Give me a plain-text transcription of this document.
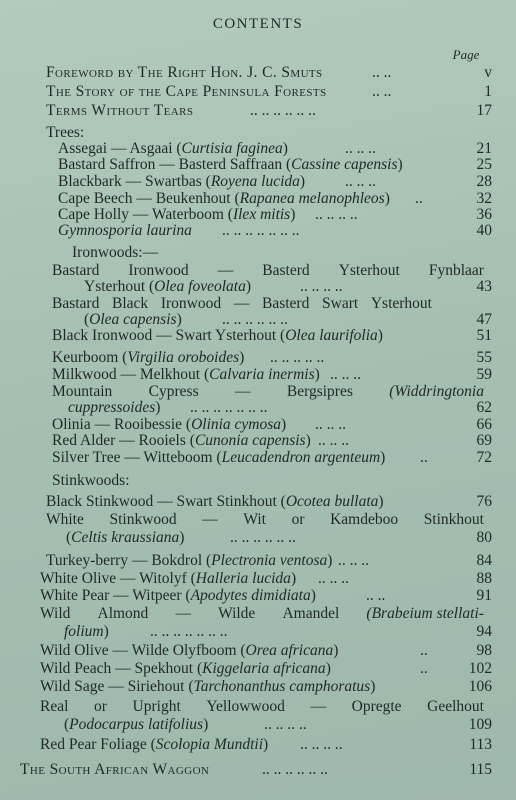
CONTENTS
Page
Foreword by The Right Hon. J. C. Smuts	.. ..	v
The Story of the Cape Peninsula Forests	.. ..	1
Terms Without Tears	.. .. .. .. .. ..	17
Trees:
Assegai — Asgaai (Curtisia faginea)	.. .. ..	21
Bastard Saffron — Basterd Saffraan (Cassine capensis)	25
Blackbark — Swartbas (Royena lucida)	.. .. ..	28
Cape Beech — Beukenhout (Rapanea melanophleos) ..	32
Cape Holly — Waterboom (Ilex mitis) .. .. .. ..	36
Gymnosporia laurina .. .. .. .. .. .. ..	40
Ironwoods:—
Bastard Ironwood — Basterd Ysterhout Fynblaar
Ysterhout (Olea foveolata)	.. .. .. ..	43
Bastard Black Ironwood — Basterd Swart Ysterhout
(Olea capensis)	.. .. .. .. .. ..	47
Black Ironwood — Swart Ysterhout (Olea laurifolia)	51
Keurboom (Virgilia oroboides) .. .. .. .. ..	55
Milkwood — Melkhout (Calvaria inermis) .. .. ..	59
Mountain Cypress — Bergsipres (Widdringtonia
cuppressoides) .. .. .. .. .. .. ..	62
Olinia — Rooibessie (Olinia cymosa) .. .. ..	66
Red Alder — Rooiels (Cunonia capensis) .. .. ..	69
Silver Tree — Witteboom (Leucadendron argenteum) ..	72
Stinkwoods:
Black Stinkwood — Swart Stinkhout (Ocotea bullata)	76
White Stinkwood — Wit or Kamdeboo Stinkhout
(Celtis kraussiana)	.. .. .. .. .. ..	80
Turkey-berry — Bokdrol (Plectronia ventosa) .. .. ..	84
White Olive — Witolyf (Halleria lucida) .. .. ..	88
White Pear — Witpeer (Apodytes dimidiata)	.. ..	91
Wild Almond — Wilde Amandel (Brabeium stellati-
folium)	.. .. .. .. .. .. ..	94
Wild Olive — Wilde Olyfboom (Orea africana)	..	98
Wild Peach — Spekhout (Kiggelaria africana)	..	102
Wild Sage — Siriehout (Tarchonanthus camphoratus)	106
Real or Upright Yellowwood — Opregte Geelhout
(Podocarpus latifolius)	.. .. .. ..	109
Red Pear Foliage (Scolopia Mundtii) .. .. .. ..	113
The South African Waggon	.. .. .. .. .. ..	115
